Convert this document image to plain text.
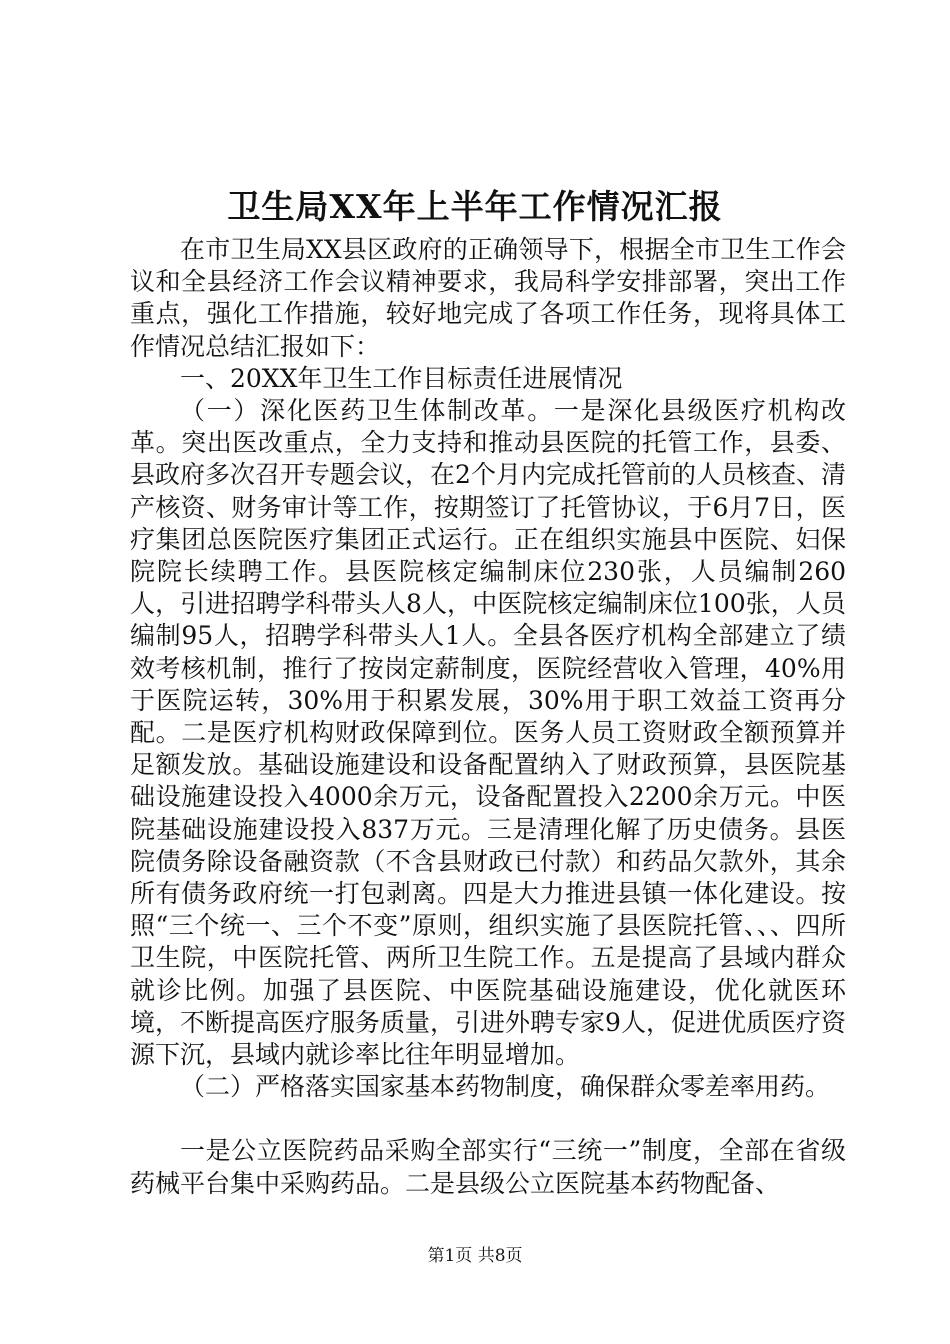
卫生局XX年上半年工作情况汇报

在市卫生局XX县区政府的正确领导下，根据全市卫生工作会议和全县经济工作会议精神要求，我局科学安排部署，突出工作重点，强化工作措施，较好地完成了各项工作任务，现将具体工作情况总结汇报如下：

一、20XX年卫生工作目标责任进展情况

（一）深化医药卫生体制改革。一是深化县级医疗机构改革。突出医改重点，全力支持和推动县医院的托管工作，县委、县政府多次召开专题会议，在2个月内完成托管前的人员核查、清产核资、财务审计等工作，按期签订了托管协议，于6月7日，医疗集团总医院医疗集团正式运行。正在组织实施县中医院、妇保院院长续聘工作。县医院核定编制床位230张，人员编制260人，引进招聘学科带头人8人，中医院核定编制床位100张，人员编制95人，招聘学科带头人1人。全县各医疗机构全部建立了绩效考核机制，推行了按岗定薪制度，医院经营收入管理，40%用于医院运转，30%用于积累发展，30%用于职工效益工资再分配。二是医疗机构财政保障到位。医务人员工资财政全额预算并足额发放。基础设施建设和设备配置纳入了财政预算，县医院基础设施建设投入4000余万元，设备配置投入2200余万元。中医院基础设施建设投入837万元。三是清理化解了历史债务。县医院债务除设备融资款（不含县财政已付款）和药品欠款外，其余所有债务政府统一打包剥离。四是大力推进县镇一体化建设。按照“三个统一、三个不变”原则，组织实施了县医院托管、、、四所卫生院，中医院托管、两所卫生院工作。五是提高了县域内群众就诊比例。加强了县医院、中医院基础设施建设，优化就医环境，不断提高医疗服务质量，引进外聘专家9人，促进优质医疗资源下沉，县域内就诊率比往年明显增加。

（二）严格落实国家基本药物制度，确保群众零差率用药。

一是公立医院药品采购全部实行“三统一”制度，全部在省级药械平台集中采购药品。二是县级公立医院基本药物配备、

第1页 共8页
